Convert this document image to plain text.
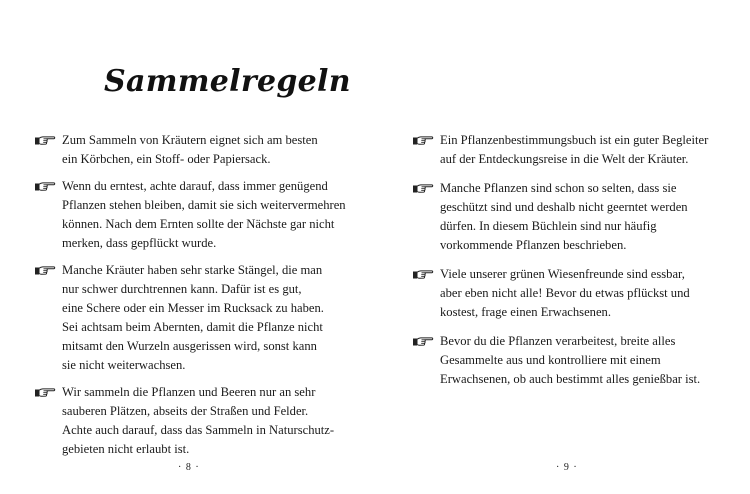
Sammelregeln
Zum Sammeln von Kräutern eignet sich am besten
ein Körbchen, ein Stoff- oder Papiersack.
Wenn du erntest, achte darauf, dass immer genügend
Pflanzen stehen bleiben, damit sie sich weitervermehren
können. Nach dem Ernten sollte der Nächste gar nicht
merken, dass gepflückt wurde.
Manche Kräuter haben sehr starke Stängel, die man
nur schwer durchtrennen kann. Dafür ist es gut,
eine Schere oder ein Messer im Rucksack zu haben.
Sei achtsam beim Abernten, damit die Pflanze nicht
mitsamt den Wurzeln ausgerissen wird, sonst kann
sie nicht weiterwachsen.
Wir sammeln die Pflanzen und Beeren nur an sehr
sauberen Plätzen, abseits der Straßen und Felder.
Achte auch darauf, dass das Sammeln in Naturschutz-
gebieten nicht erlaubt ist.
Ein Pflanzenbestimmungsbuch ist ein guter Begleiter
auf der Entdeckungsreise in die Welt der Kräuter.
Manche Pflanzen sind schon so selten, dass sie
geschützt sind und deshalb nicht geerntet werden
dürfen. In diesem Büchlein sind nur häufig
vorkommende Pflanzen beschrieben.
Viele unserer grünen Wiesenfreunde sind essbar,
aber eben nicht alle! Bevor du etwas pflückst und
kostest, frage einen Erwachsenen.
Bevor du die Pflanzen verarbeitest, breite alles
Gesammelte aus und kontrolliere mit einem
Erwachsenen, ob auch bestimmt alles genießbar ist.
· 8 ·	· 9 ·
